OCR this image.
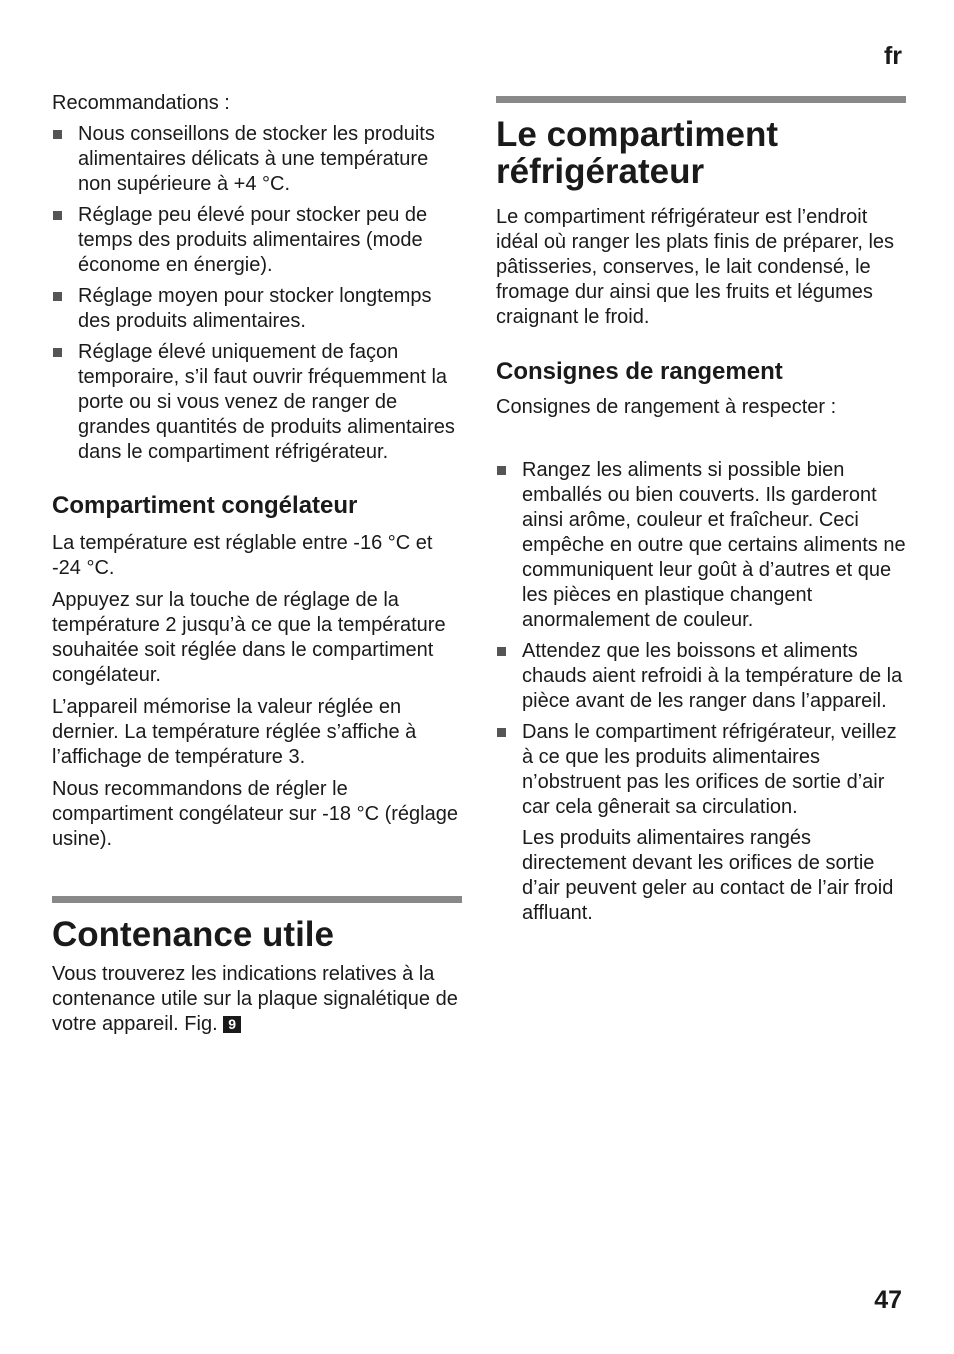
fr

Recommandations :

Nous conseillons de stocker les produits alimentaires délicats à une température non supérieure à +4 °C.
Réglage peu élevé pour stocker peu de temps des produits alimentaires (mode économe en énergie).
Réglage moyen pour stocker longtemps des produits alimentaires.
Réglage élevé uniquement de façon temporaire, s’il faut ouvrir fréquemment la porte ou si vous venez de ranger de grandes quantités de produits alimentaires dans le compartiment réfrigérateur.
Compartiment congélateur

La température est réglable entre -16 °C et -24 °C.

Appuyez sur la touche de réglage de la température 2 jusqu’à ce que la température souhaitée soit réglée dans le compartiment congélateur.

L’appareil mémorise la valeur réglée en dernier. La température réglée s’affiche à l’affichage de température 3.

Nous recommandons de régler le compartiment congélateur sur -18 °C (réglage usine).

Contenance utile

Vous trouverez les indications relatives à la contenance utile sur la plaque signalétique de votre appareil. Fig. 9

Le compartiment réfrigérateur

Le compartiment réfrigérateur est l’endroit idéal où ranger les plats finis de préparer, les pâtisseries, conserves, le lait condensé, le fromage dur ainsi que les fruits et légumes craignant le froid.

Consignes de rangement

Consignes de rangement à respecter :

Rangez les aliments si possible bien emballés ou bien couverts. Ils garderont ainsi arôme, couleur et fraîcheur. Ceci empêche en outre que certains aliments ne communiquent leur goût à d’autres et que les pièces en plastique changent anormalement de couleur.
Attendez que les boissons et aliments chauds aient refroidi à la température de la pièce avant de les ranger dans l’appareil.
Dans le compartiment réfrigérateur, veillez à ce que les produits alimentaires n’obstruent pas les orifices de sortie d’air car cela gênerait sa circulation.

Les produits alimentaires rangés directement devant les orifices de sortie d’air peuvent geler au contact de l’air froid affluant.

47
